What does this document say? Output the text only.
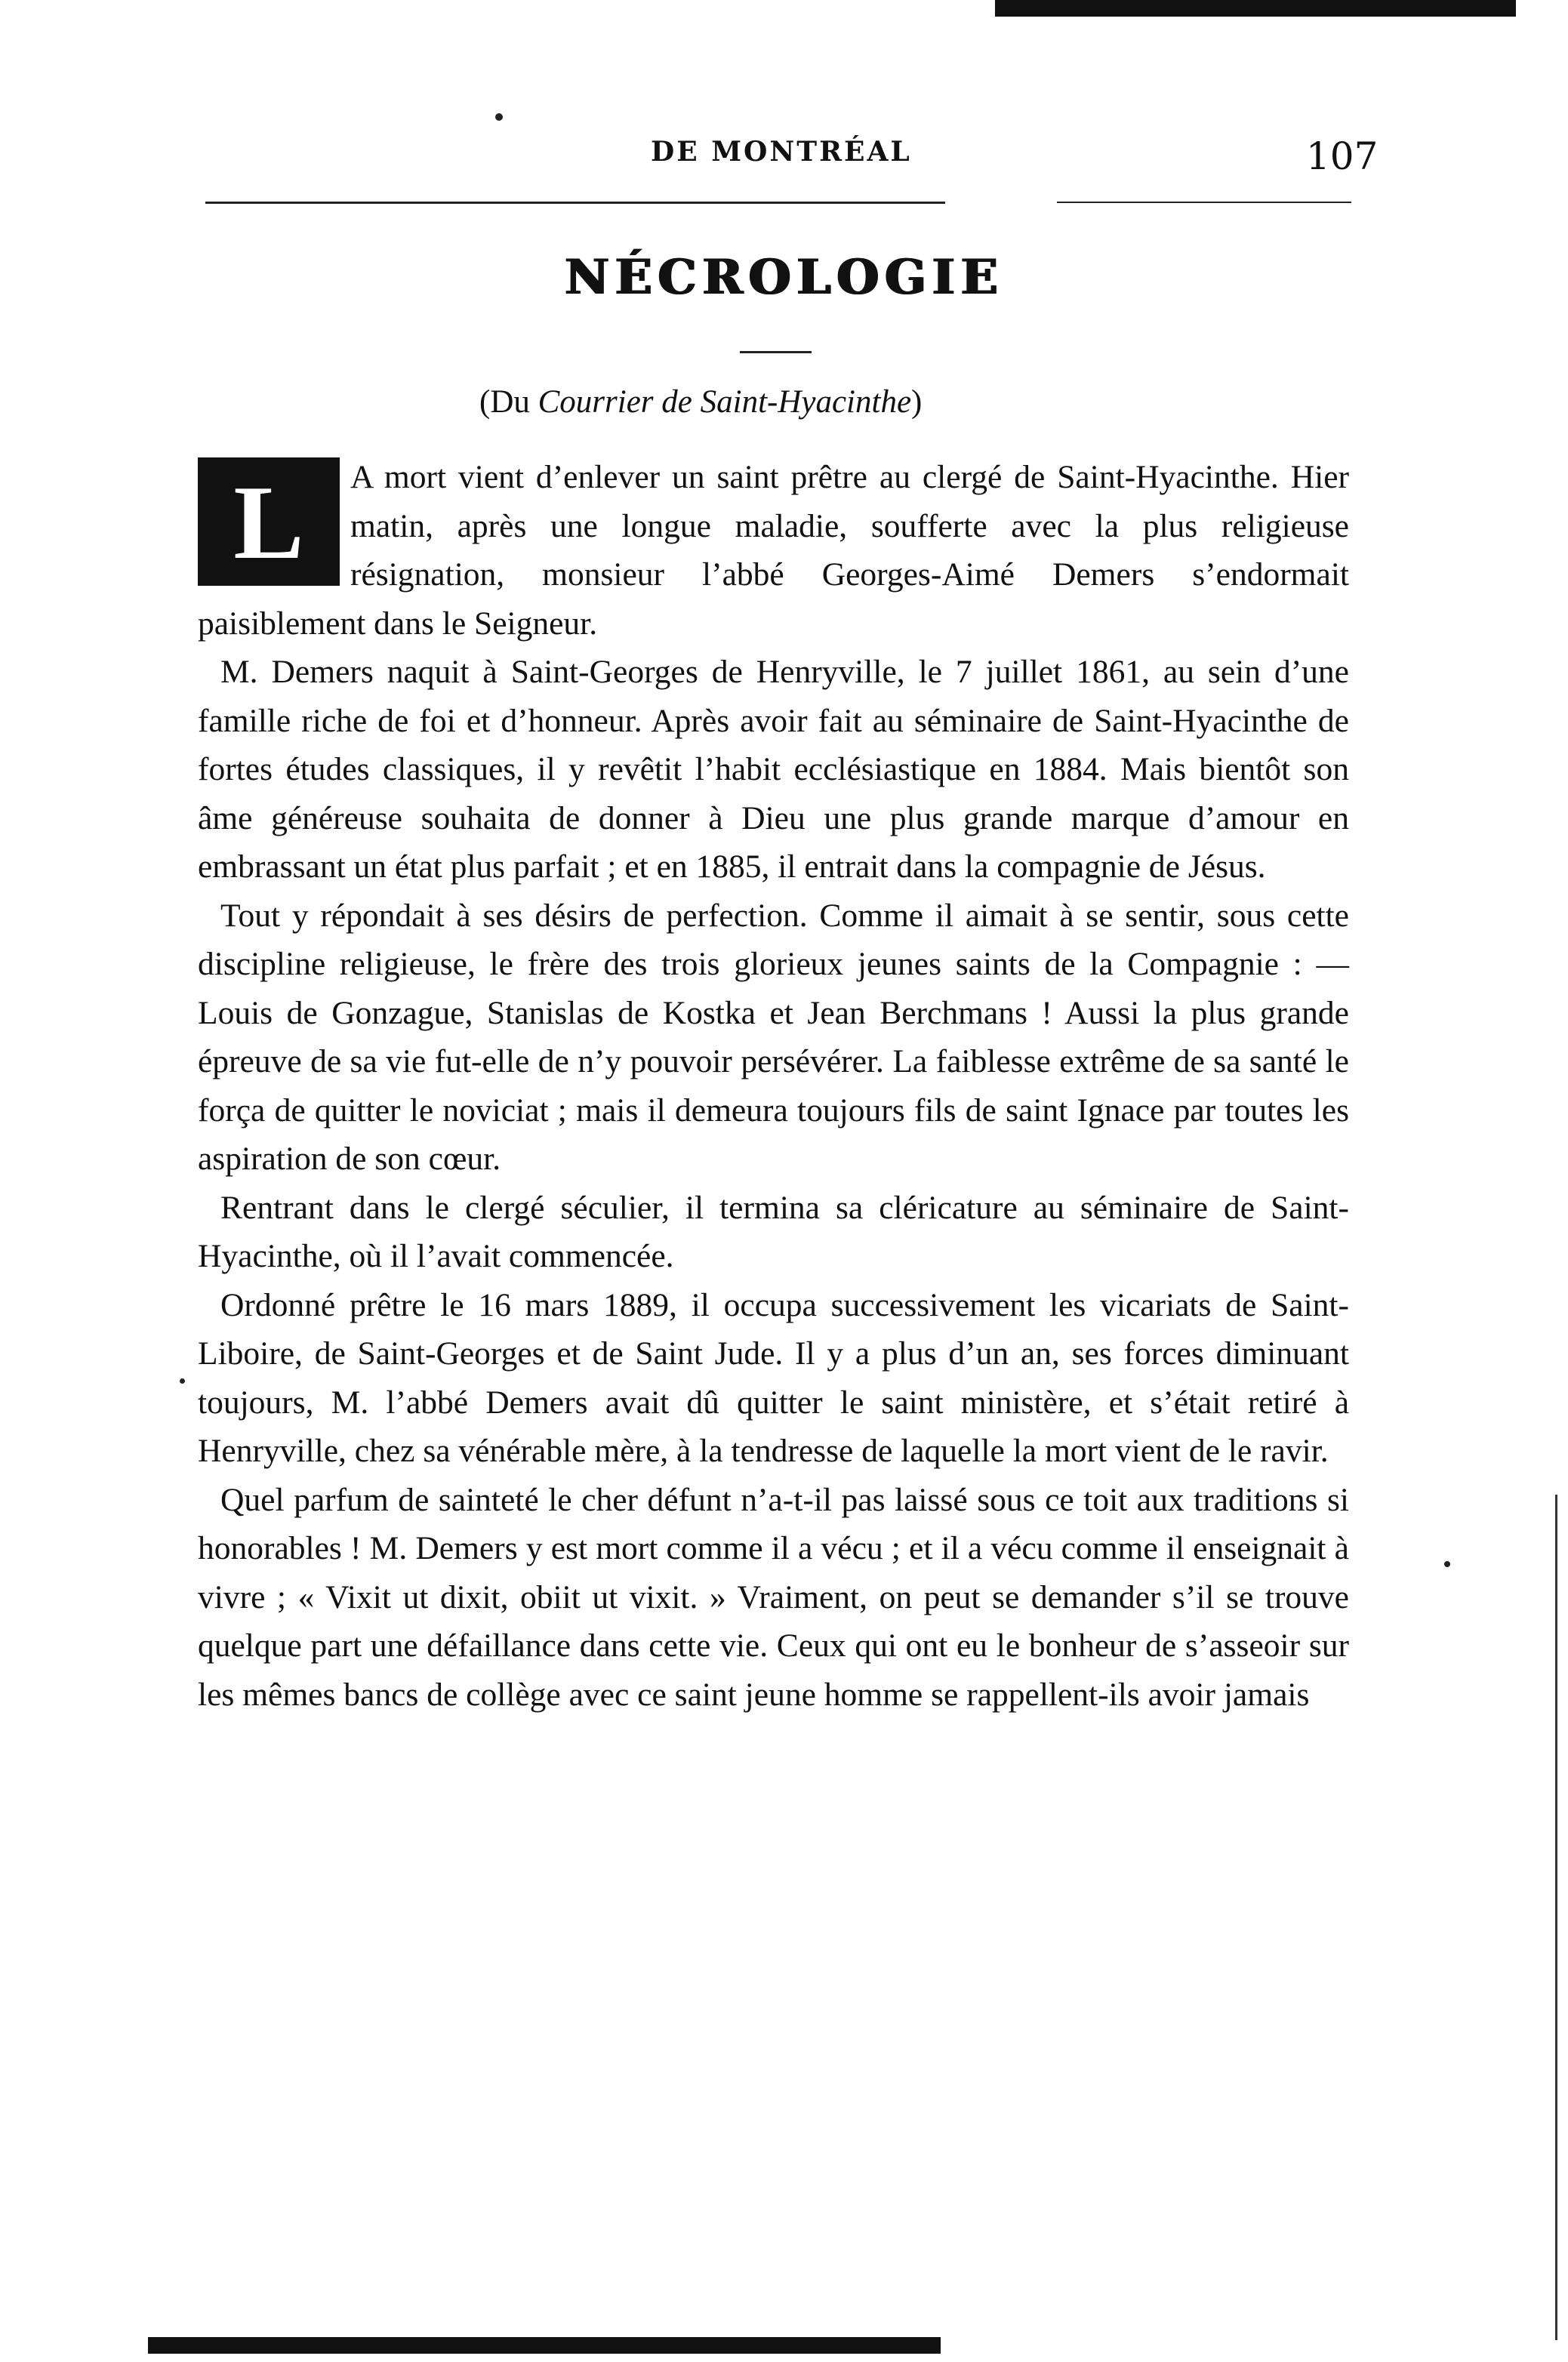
DE MONTRÉAL	107
NÉCROLOGIE
(Du Courrier de Saint-Hyacinthe)

L	A mort vient d’enlever un saint prêtre au clergé de Saint-Hyacinthe. Hier matin, après une longue maladie, soufferte avec la plus religieuse résignation, monsieur l’abbé Georges-Aimé Demers s’endormait paisiblement dans le Seigneur.

M. Demers naquit à Saint-Georges de Henryville, le 7 juillet 1861, au sein d’une famille riche de foi et d’honneur. Après avoir fait au séminaire de Saint-Hyacinthe de fortes études classiques, il y revêtit l’habit ecclésiastique en 1884. Mais bientôt son âme généreuse souhaita de donner à Dieu une plus grande marque d’amour en embrassant un état plus parfait ; et en 1885, il entrait dans la compagnie de Jésus.

Tout y répondait à ses désirs de perfection. Comme il aimait à se sentir, sous cette discipline religieuse, le frère des trois glorieux jeunes saints de la Compagnie : — Louis de Gonzague, Stanislas de Kostka et Jean Berchmans ! Aussi la plus grande épreuve de sa vie fut-elle de n’y pouvoir persévérer. La faiblesse extrême de sa santé le força de quitter le noviciat ; mais il demeura toujours fils de saint Ignace par toutes les aspiration de son cœur.

Rentrant dans le clergé séculier, il termina sa cléricature au séminaire de Saint-Hyacinthe, où il l’avait commencée.

Ordonné prêtre le 16 mars 1889, il occupa successivement les vicariats de Saint-Liboire, de Saint-Georges et de Saint Jude. Il y a plus d’un an, ses forces diminuant toujours, M. l’abbé Demers avait dû quitter le saint ministère, et s’était retiré à Henryville, chez sa vénérable mère, à la tendresse de laquelle la mort vient de le ravir.

Quel parfum de sainteté le cher défunt n’a-t-il pas laissé sous ce toit aux traditions si honorables ! M. Demers y est mort comme il a vécu ; et il a vécu comme il enseignait à vivre ; « Vixit ut dixit, obiit ut vixit. » Vraiment, on peut se demander s’il se trouve quelque part une défaillance dans cette vie. Ceux qui ont eu le bonheur de s’asseoir sur les mêmes bancs de collège avec ce saint jeune homme se rappellent-ils avoir jamais
